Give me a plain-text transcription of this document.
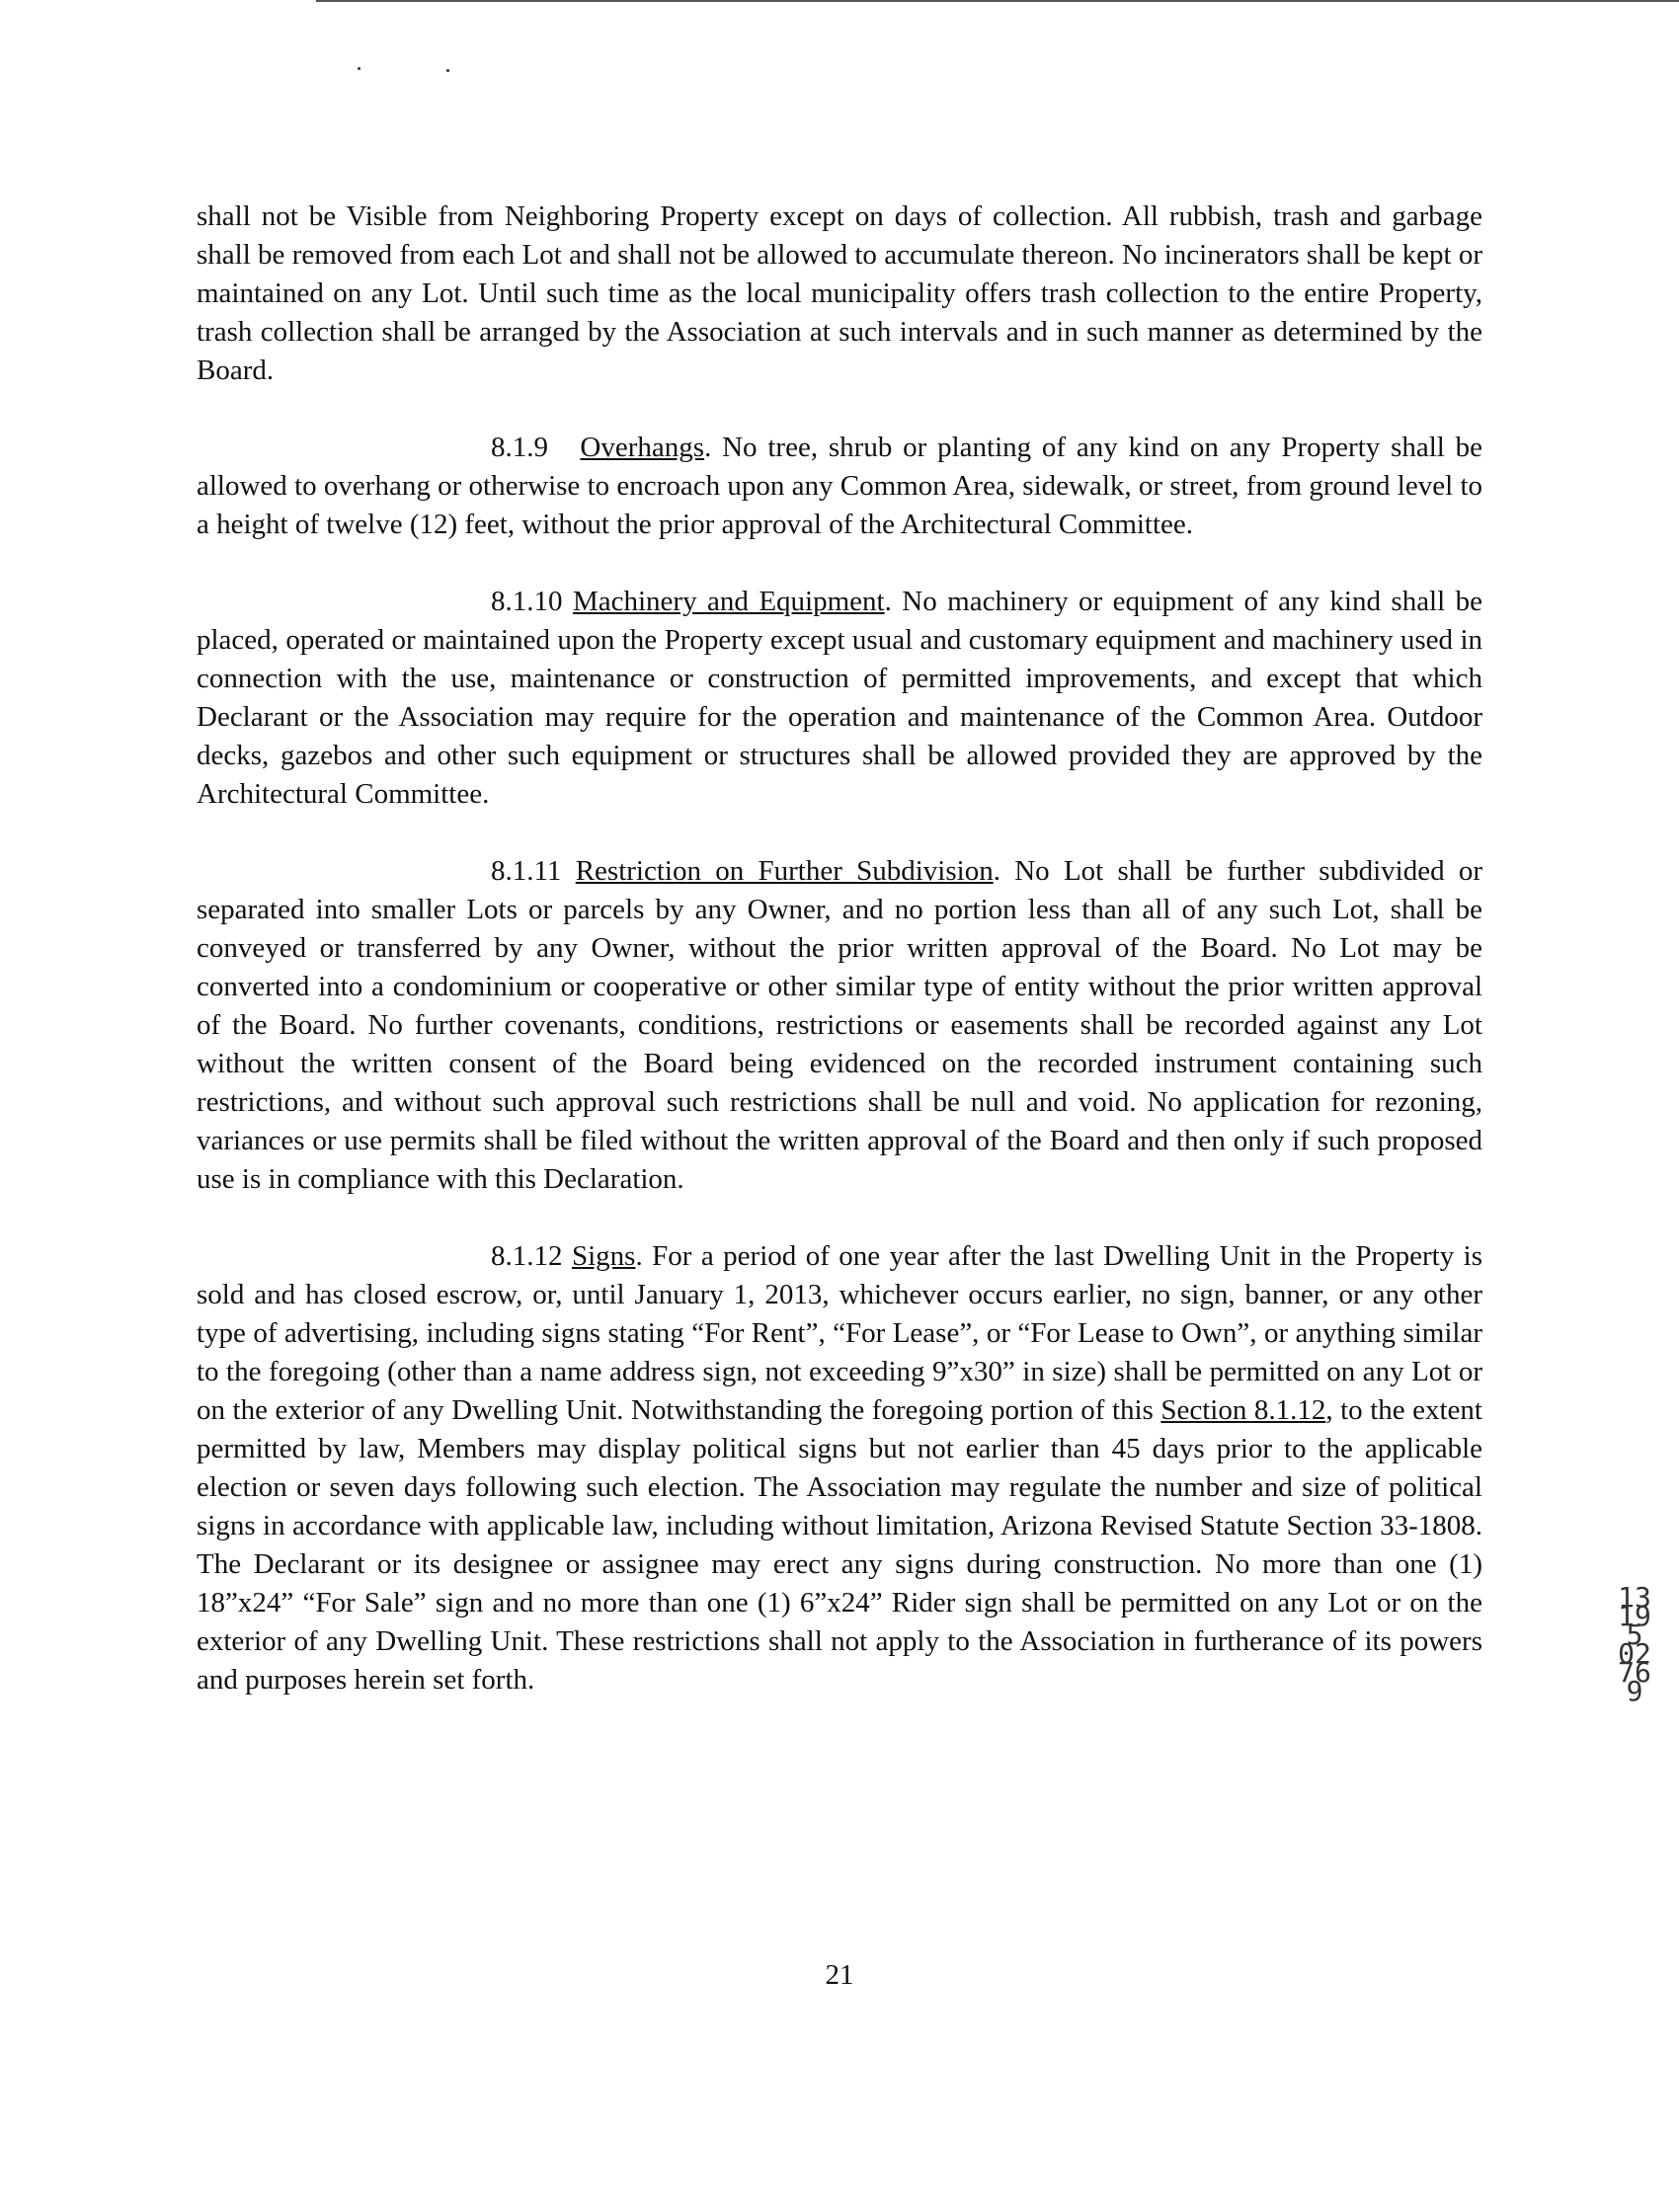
shall not be Visible from Neighboring Property except on days of collection. All rubbish, trash and garbage shall be removed from each Lot and shall not be allowed to accumulate thereon. No incinerators shall be kept or maintained on any Lot. Until such time as the local municipality offers trash collection to the entire Property, trash collection shall be arranged by the Association at such intervals and in such manner as determined by the Board.

8.1.9 Overhangs. No tree, shrub or planting of any kind on any Property shall be allowed to overhang or otherwise to encroach upon any Common Area, sidewalk, or street, from ground level to a height of twelve (12) feet, without the prior approval of the Architectural Committee.

8.1.10 Machinery and Equipment. No machinery or equipment of any kind shall be placed, operated or maintained upon the Property except usual and customary equipment and machinery used in connection with the use, maintenance or construction of permitted improvements, and except that which Declarant or the Association may require for the operation and maintenance of the Common Area. Outdoor decks, gazebos and other such equipment or structures shall be allowed provided they are approved by the Architectural Committee.

8.1.11 Restriction on Further Subdivision. No Lot shall be further subdivided or separated into smaller Lots or parcels by any Owner, and no portion less than all of any such Lot, shall be conveyed or transferred by any Owner, without the prior written approval of the Board. No Lot may be converted into a condominium or cooperative or other similar type of entity without the prior written approval of the Board. No further covenants, conditions, restrictions or easements shall be recorded against any Lot without the written consent of the Board being evidenced on the recorded instrument containing such restrictions, and without such approval such restrictions shall be null and void. No application for rezoning, variances or use permits shall be filed without the written approval of the Board and then only if such proposed use is in compliance with this Declaration.

8.1.12 Signs. For a period of one year after the last Dwelling Unit in the Property is sold and has closed escrow, or, until January 1, 2013, whichever occurs earlier, no sign, banner, or any other type of advertising, including signs stating “For Rent”, “For Lease”, or “For Lease to Own”, or anything similar to the foregoing (other than a name address sign, not exceeding 9”x30” in size) shall be permitted on any Lot or on the exterior of any Dwelling Unit. Notwithstanding the foregoing portion of this Section 8.1.12, to the extent permitted by law, Members may display political signs but not earlier than 45 days prior to the applicable election or seven days following such election. The Association may regulate the number and size of political signs in accordance with applicable law, including without limitation, Arizona Revised Statute Section 33-1808. The Declarant or its designee or assignee may erect any signs during construction. No more than one (1) 18”x24” “For Sale” sign and no more than one (1) 6”x24” Rider sign shall be permitted on any Lot or on the exterior of any Dwelling Unit. These restrictions shall not apply to the Association in furtherance of its powers and purposes herein set forth.

21
13195 02769
